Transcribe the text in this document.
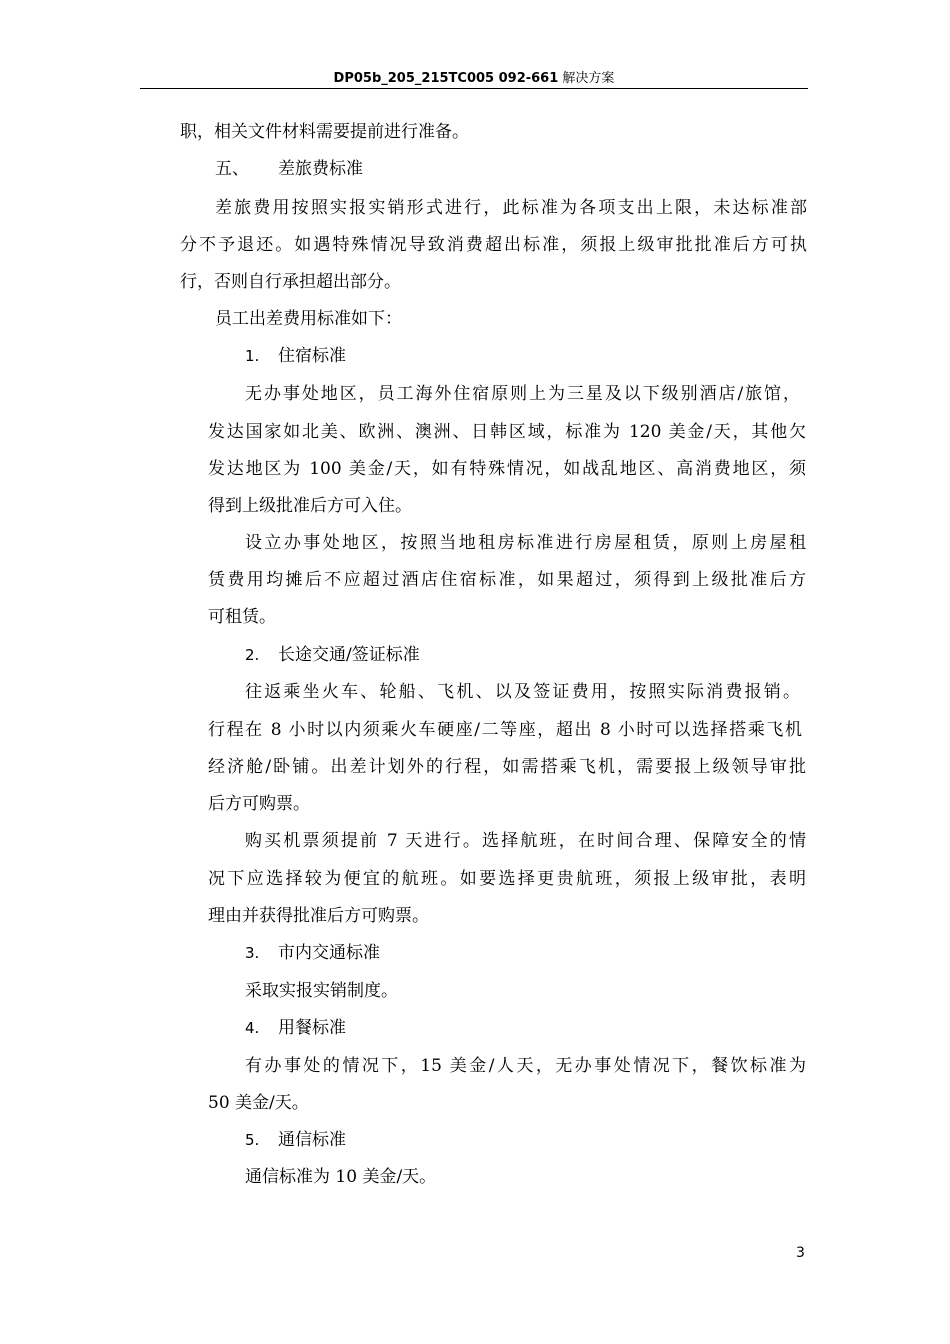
DP05b_205_215TC005 092-661 解决方案
职，相关文件材料需要提前进行准备。
五、 差旅费标准
差旅费用按照实报实销形式进行，此标准为各项支出上限，未达标准部
分不予退还。如遇特殊情况导致消费超出标准，须报上级审批批准后方可执
行，否则自行承担超出部分。
员工出差费用标准如下：
1. 住宿标准
无办事处地区，员工海外住宿原则上为三星及以下级别酒店/旅馆，
发达国家如北美、欧洲、澳洲、日韩区域，标准为 120 美金/天，其他欠
发达地区为 100 美金/天，如有特殊情况，如战乱地区、高消费地区，须
得到上级批准后方可入住。
设立办事处地区，按照当地租房标准进行房屋租赁，原则上房屋租
赁费用均摊后不应超过酒店住宿标准，如果超过，须得到上级批准后方
可租赁。
2. 长途交通/签证标准
往返乘坐火车、轮船、飞机、以及签证费用，按照实际消费报销。
行程在 8 小时以内须乘火车硬座/二等座，超出 8 小时可以选择搭乘飞机
经济舱/卧铺。出差计划外的行程，如需搭乘飞机，需要报上级领导审批
后方可购票。
购买机票须提前 7 天进行。选择航班，在时间合理、保障安全的情
况下应选择较为便宜的航班。如要选择更贵航班，须报上级审批，表明
理由并获得批准后方可购票。
3. 市内交通标准
采取实报实销制度。
4. 用餐标准
有办事处的情况下，15 美金/人天，无办事处情况下，餐饮标准为
50 美金/天。
5. 通信标准
通信标准为 10 美金/天。
3
